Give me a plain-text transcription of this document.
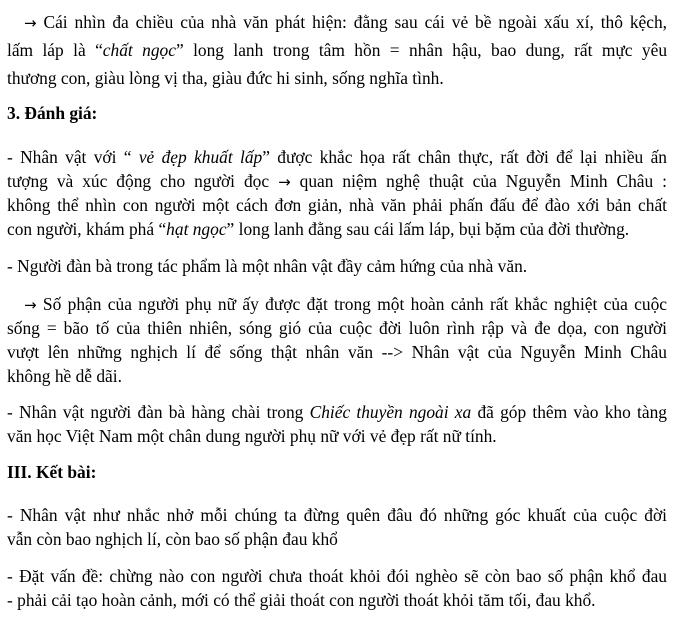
→ Cái nhìn đa chiều của nhà văn phát hiện: đằng sau cái vẻ bề ngoài xấu xí, thô kệch,
lấm láp là “chất ngọc” long lanh trong tâm hồn = nhân hậu, bao dung, rất mực yêu
thương con, giàu lòng vị tha, giàu đức hi sinh, sống nghĩa tình.
3. Đánh giá:
- Nhân vật với “ vẻ đẹp khuất lấp” được khắc họa rất chân thực, rất đời để lại nhiều ấn
tượng và xúc động cho người đọc → quan niệm nghệ thuật của Nguyễn Minh Châu :
không thể nhìn con người một cách đơn giản, nhà văn phải phấn đấu để đào xới bản chất
con người, khám phá “hạt ngọc” long lanh đằng sau cái lấm láp, bụi bặm của đời thường.
- Người đàn bà trong tác phẩm là một nhân vật đầy cảm hứng của nhà văn.
→ Số phận của người phụ nữ ấy được đặt trong một hoàn cảnh rất khắc nghiệt của cuộc
sống = bão tố của thiên nhiên, sóng gió của cuộc đời luôn rình rập và đe dọa, con người
vượt lên những nghịch lí để sống thật nhân văn --> Nhân vật của Nguyễn Minh Châu
không hề dễ dãi.
- Nhân vật người đàn bà hàng chài trong Chiếc thuyền ngoài xa đã góp thêm vào kho tàng
văn học Việt Nam một chân dung người phụ nữ với vẻ đẹp rất nữ tính.
III. Kết bài:
- Nhân vật như nhắc nhở mỗi chúng ta đừng quên đâu đó những góc khuất của cuộc đời
vẫn còn bao nghịch lí, còn bao số phận đau khổ
- Đặt vấn đề: chừng nào con người chưa thoát khỏi đói nghèo sẽ còn bao số phận khổ đau
- phải cải tạo hoàn cảnh, mới có thể giải thoát con người thoát khỏi tăm tối, đau khổ.
